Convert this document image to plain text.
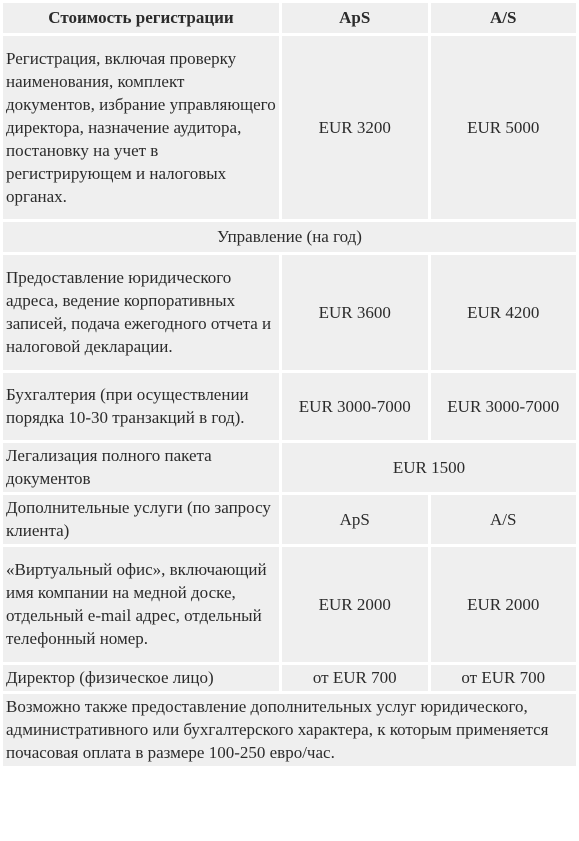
Стоимость регистрации	ApS	A/S
Регистрация, включая проверку наименования, комплект документов, избрание управляющего директора, назначение аудитора, постановку на учет в регистрирующем и налоговых органах.	EUR 3200	EUR 5000
Управление (на год)		
Предоставление юридического адреса, ведение корпоративных записей, подача ежегодного отчета и налоговой декларации.	EUR 3600	EUR 4200
Бухгалтерия (при осуществлении порядка 10-30 транзакций в год).	EUR 3000-7000	EUR 3000-7000
Легализация полного пакета документов	EUR 1500	
Дополнительные услуги (по запросу клиента)	ApS	A/S
«Виртуальный офис», включающий имя компании на медной доске, отдельный e-mail адрес, отдельный телефонный номер.	EUR 2000	EUR 2000
Директор (физическое лицо)	от EUR 700	от EUR 700
Возможно также предоставление дополнительных услуг юридического, административного или бухгалтерского характера, к которым применяется почасовая оплата в размере 100-250 евро/час.		
